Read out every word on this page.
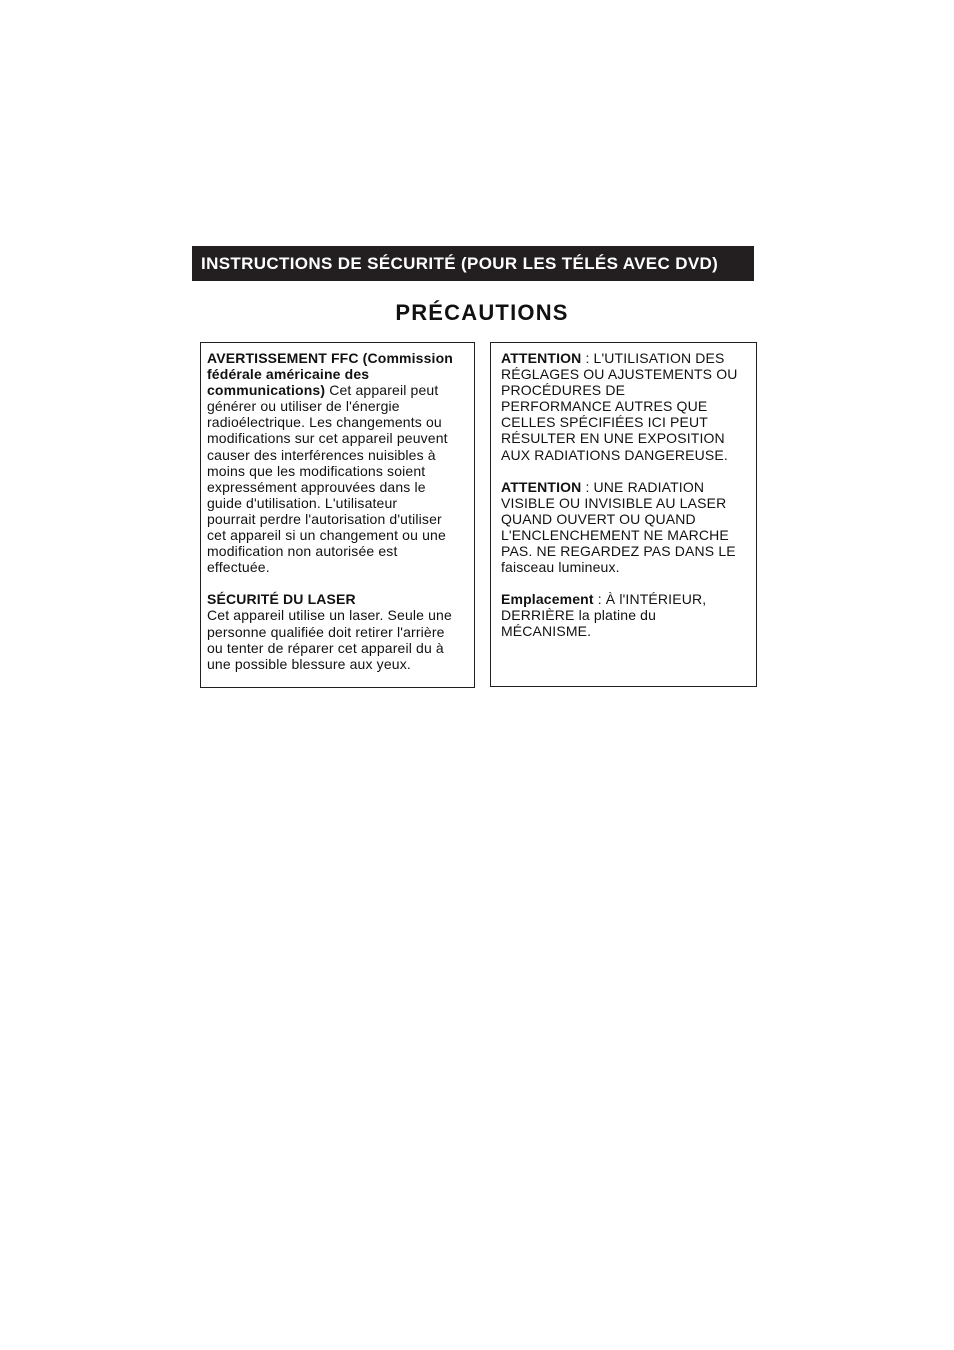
INSTRUCTIONS DE SÉCURITÉ (POUR LES TÉLÉS AVEC DVD)
PRÉCAUTIONS
AVERTISSEMENT FFC (Commission
fédérale américaine des
communications) Cet appareil peut
générer ou utiliser de l'énergie
radioélectrique. Les changements ou
modifications sur cet appareil peuvent
causer des interférences nuisibles à
moins que les modifications soient
expressément approuvées dans le
guide d'utilisation. L'utilisateur
pourrait perdre l'autorisation d'utiliser
cet appareil si un changement ou une
modification non autorisée est
effectuée.
SÉCURITÉ DU LASER
Cet appareil utilise un laser. Seule une
personne qualifiée doit retirer l'arrière
ou tenter de réparer cet appareil du à
une possible blessure aux yeux.
ATTENTION : L'UTILISATION DES
RÉGLAGES OU AJUSTEMENTS OU
PROCÉDURES DE
PERFORMANCE AUTRES QUE
CELLES SPÉCIFIÉES ICI PEUT
RÉSULTER EN UNE EXPOSITION
AUX RADIATIONS DANGEREUSE.
ATTENTION : UNE RADIATION
VISIBLE OU INVISIBLE AU LASER
QUAND OUVERT OU QUAND
L'ENCLENCHEMENT NE MARCHE
PAS. NE REGARDEZ PAS DANS LE
faisceau lumineux.
Emplacement : À l'INTÉRIEUR,
DERRIÈRE la platine du
MÉCANISME.
